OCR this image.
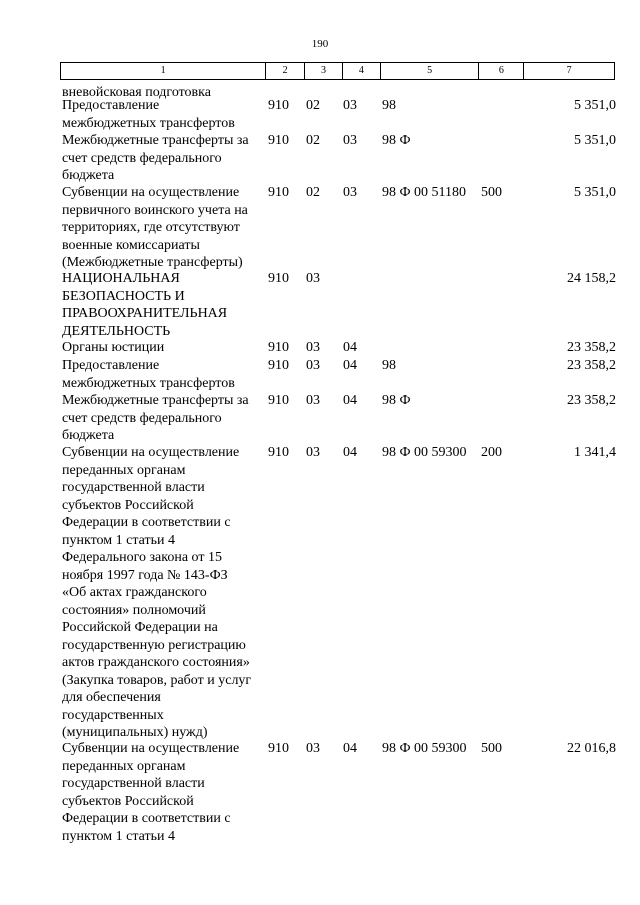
190
1	2	3	4	5	6	7
вневойсковая подготовка
Предоставление
межбюджетных трансфертов
910 02 03 98	5 351,0
Межбюджетные трансферты за
счет средств федерального
бюджета
910 02 03 98 Ф	5 351,0
Субвенции на осуществление
первичного воинского учета на
территориях, где отсутствуют
военные комиссариаты
(Межбюджетные трансферты)
910 02 03 98 Ф 00 51180 500	5 351,0
НАЦИОНАЛЬНАЯ
БЕЗОПАСНОСТЬ И
ПРАВООХРАНИТЕЛЬНАЯ
ДЕЯТЕЛЬНОСТЬ
910 03	24 158,2
Органы юстиции	910 03 04	23 358,2
Предоставление
межбюджетных трансфертов
910 03 04 98	23 358,2
Межбюджетные трансферты за
счет средств федерального
бюджета
910 03 04 98 Ф	23 358,2
Субвенции на осуществление
переданных органам
государственной власти
субъектов Российской
Федерации в соответствии с
пунктом 1 статьи 4
Федерального закона от 15
ноября 1997 года № 143-ФЗ
«Об актах гражданского
состояния» полномочий
Российской Федерации на
государственную регистрацию
актов гражданского состояния»
(Закупка товаров, работ и услуг
для обеспечения
государственных
(муниципальных) нужд)
910 03 04 98 Ф 00 59300 200	1 341,4
Субвенции на осуществление
переданных органам
государственной власти
субъектов Российской
Федерации в соответствии с
пунктом 1 статьи 4
910 03 04 98 Ф 00 59300 500	22 016,8
